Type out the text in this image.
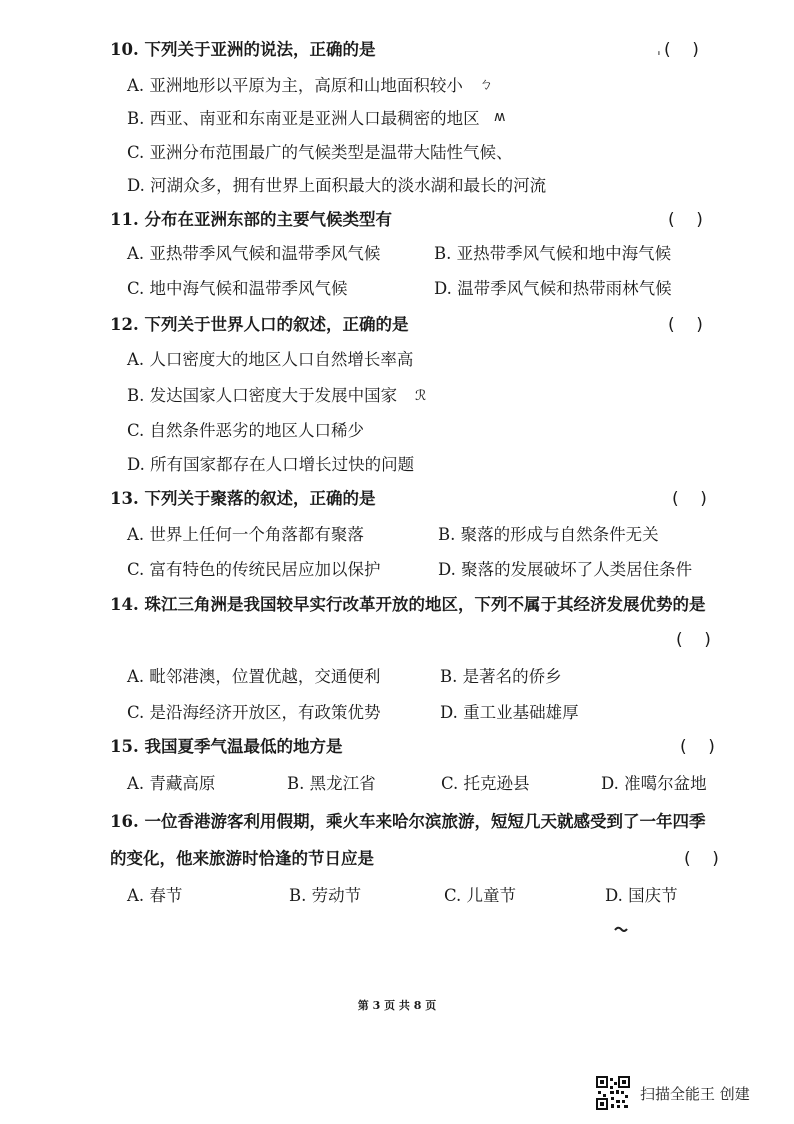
10. 下列关于亚洲的说法，正确的是	ˌ (    )
A. 亚洲地形以平原为主，高原和山地面积较小 ㄅ
B. 西亚、南亚和东南亚是亚洲人口最稠密的地区 ʍ
C. 亚洲分布范围最广的气候类型是温带大陆性气候、
D. 河湖众多，拥有世界上面积最大的淡水湖和最长的河流
11. 分布在亚洲东部的主要气候类型有	(    )
A. 亚热带季风气候和温带季风气候	B. 亚热带季风气候和地中海气候
C. 地中海气候和温带季风气候	D. 温带季风气候和热带雨林气候
12. 下列关于世界人口的叙述，正确的是	(    )
A. 人口密度大的地区人口自然增长率高
B. 发达国家人口密度大于发展中国家 ℛ
C. 自然条件恶劣的地区人口稀少
D. 所有国家都存在人口增长过快的问题
13. 下列关于聚落的叙述，正确的是	(    )
A. 世界上任何一个角落都有聚落	B. 聚落的形成与自然条件无关
C. 富有特色的传统民居应加以保护	D. 聚落的发展破坏了人类居住条件
14. 珠江三角洲是我国较早实行改革开放的地区，下列不属于其经济发展优势的是
(    )
A. 毗邻港澳，位置优越，交通便利	B. 是著名的侨乡
C. 是沿海经济开放区，有政策优势	D. 重工业基础雄厚
15. 我国夏季气温最低的地方是	(    )
A. 青藏高原	B. 黑龙江省	C. 托克逊县	D. 准噶尔盆地
16. 一位香港游客利用假期，乘火车来哈尔滨旅游，短短几天就感受到了一年四季
的变化，他来旅游时恰逢的节日应是	(    )
A. 春节	B. 劳动节	C. 儿童节	D. 国庆节
第 3 页 共 8 页
扫描全能王 创建
